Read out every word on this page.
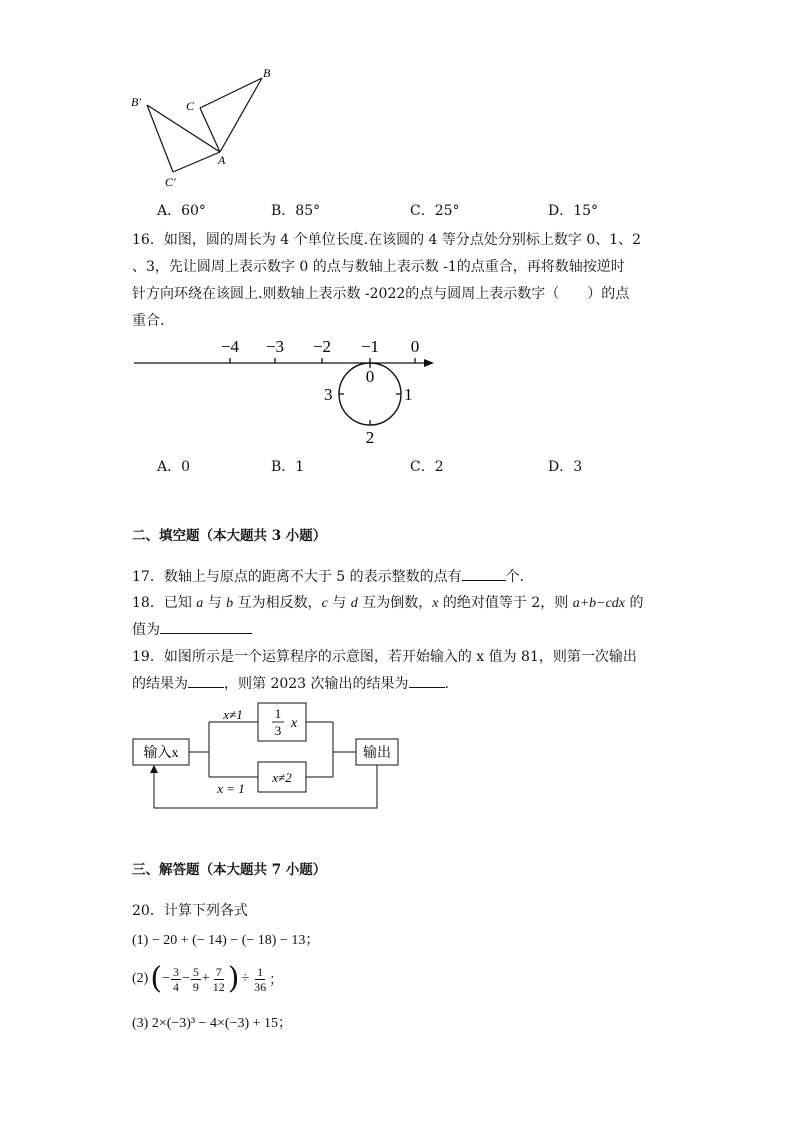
B
C
A
B′
C′
A．60°	B．85°	C．25°	D．15°
16．如图，圆的周长为 4 个单位长度.在该圆的 4 等分点处分别标上数字 0、1、2
、3，先让圆周上表示数字 0 的点与数轴上表示数 -1的点重合，再将数轴按逆时
针方向环绕在该圆上.则数轴上表示数 -2022的点与圆周上表示数字（　　）的点
重合.
−4 −3 −2 −1 0
0
1
2
3
A．0	B．1	C．2	D．3
二、填空题（本大题共 3 小题）
17．数轴上与原点的距离不大于 5 的表示整数的点有	个．
18．已知 a 与 b 互为相反数，c 与 d 互为倒数，x 的绝对值等于 2，则 a+b−cdx 的
值为
19．如图所示是一个运算程序的示意图，若开始输入的 x 值为 81，则第一次输出
的结果为	，则第 2023 次输出的结果为	．
输入x
x≠1
x = 1
1
3 x
x≠2
输出
三、解答题（本大题共 7 小题）
20．计算下列各式
(1) − 20 + (− 14) − (− 18) − 13；
(2) ( − $\frac{3}{4} - \frac{5}{9} + \frac{7}{12}$ ) ÷ $\frac{1}{36}$ ；
(3) 2×(−3)³ − 4×(−3) + 15；
